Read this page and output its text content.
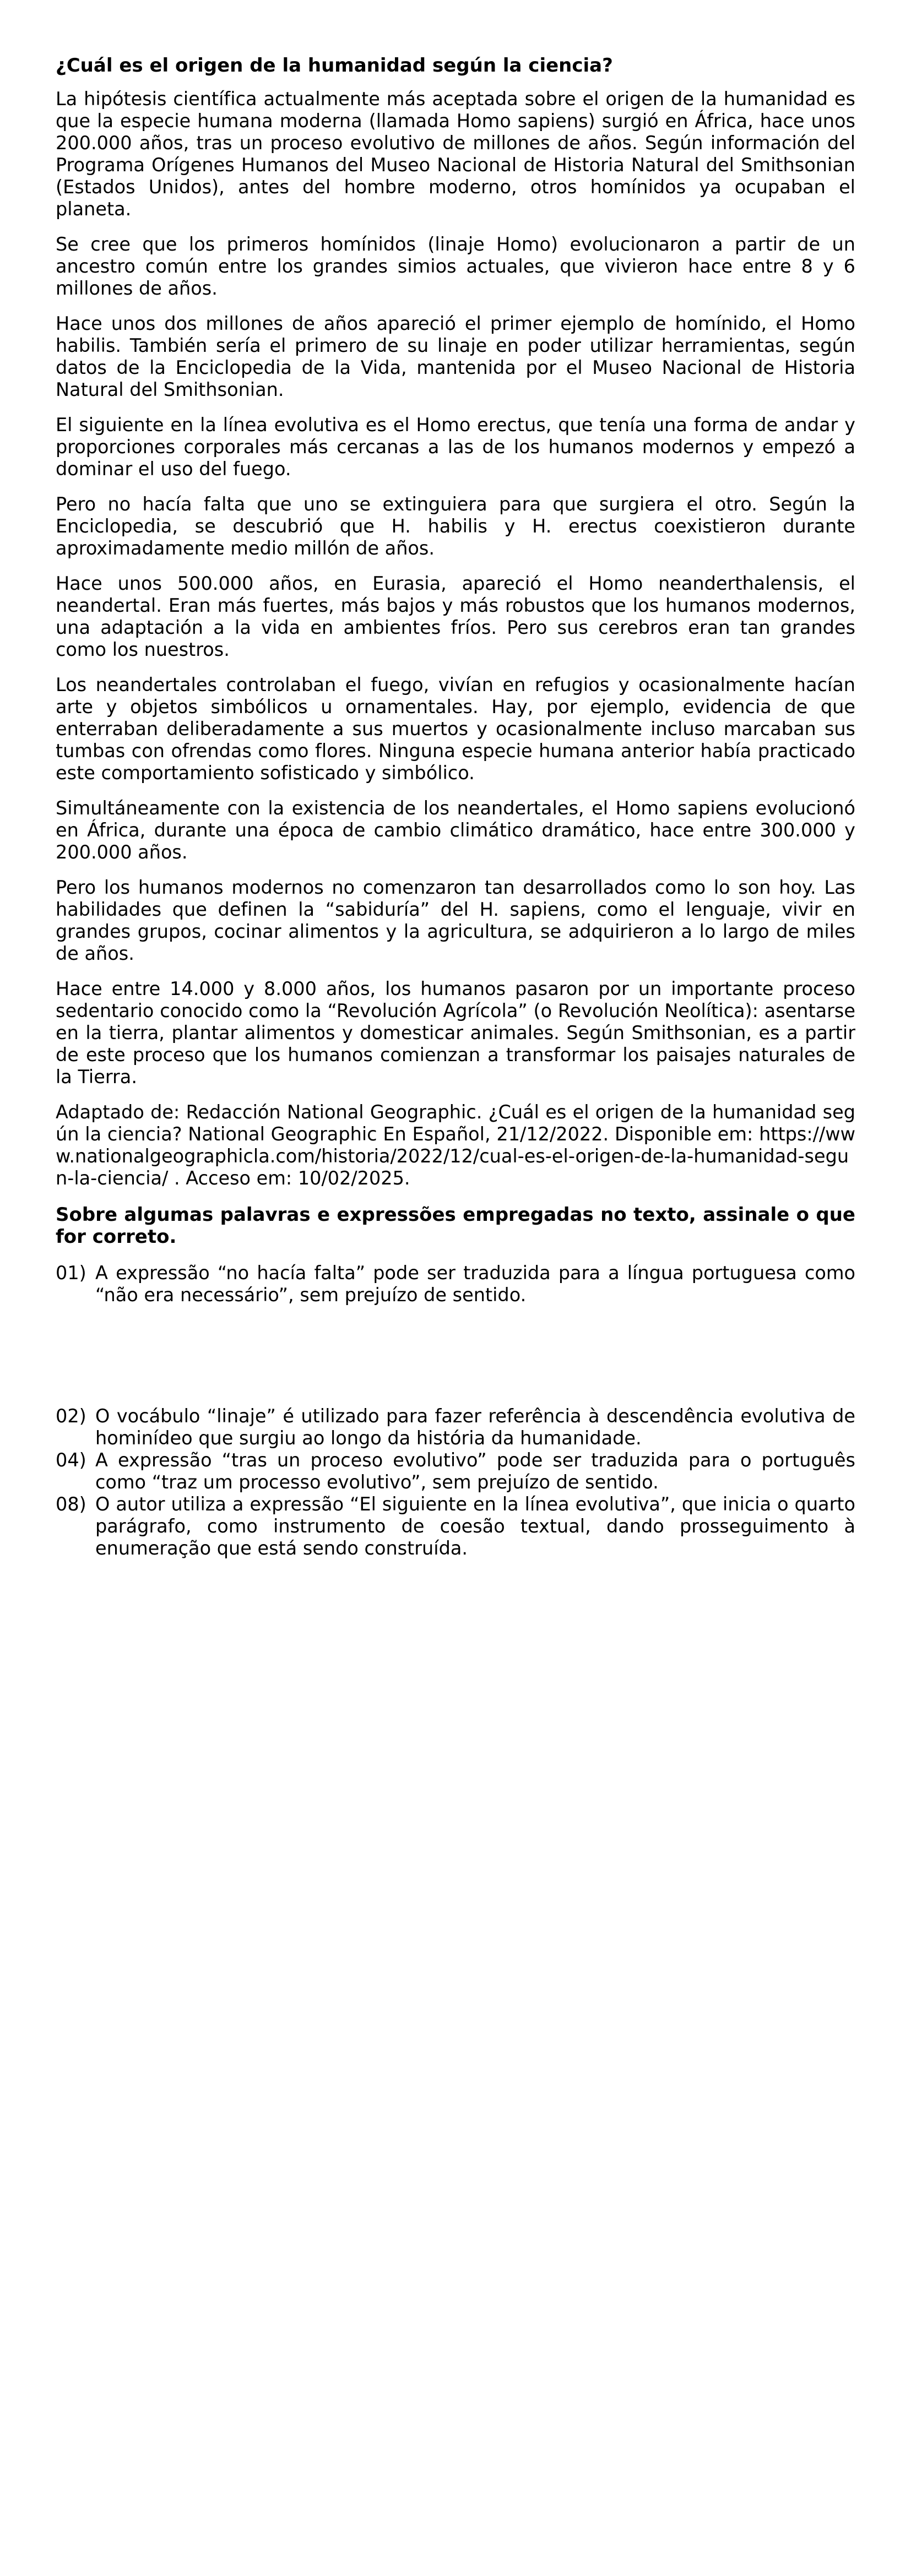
¿Cuál es el origen de la humanidad según la ciencia?

La hipótesis científica actualmente más aceptada sobre el origen de la humanidad es que la especie humana moderna (llamada Homo sapiens) surgió en África, hace unos 200.000 años, tras un proceso evolutivo de millones de años. Según información del Programa Orígenes Humanos del Museo Nacional de Historia Natural del Smithsonian (Estados Unidos), antes del hombre moderno, otros homínidos ya ocupaban el planeta.

Se cree que los primeros homínidos (linaje Homo) evolucionaron a partir de un ancestro común entre los grandes simios actuales, que vivieron hace entre 8 y 6 millones de años.

Hace unos dos millones de años apareció el primer ejemplo de homínido, el Homo habilis. También sería el primero de su linaje en poder utilizar herramientas, según datos de la Enciclopedia de la Vida, mantenida por el Museo Nacional de Historia Natural del Smithsonian.

El siguiente en la línea evolutiva es el Homo erectus, que tenía una forma de andar y proporciones corporales más cercanas a las de los humanos modernos y empezó a dominar el uso del fuego.

Pero no hacía falta que uno se extinguiera para que surgiera el otro. Según la Enciclopedia, se descubrió que H. habilis y H. erectus coexistieron durante aproximadamente medio millón de años.

Hace unos 500.000 años, en Eurasia, apareció el Homo neanderthalensis, el neandertal. Eran más fuertes, más bajos y más robustos que los humanos modernos, una adaptación a la vida en ambientes fríos. Pero sus cerebros eran tan grandes como los nuestros.

Los neandertales controlaban el fuego, vivían en refugios y ocasionalmente hacían arte y objetos simbólicos u ornamentales. Hay, por ejemplo, evidencia de que enterraban deliberadamente a sus muertos y ocasionalmente incluso marcaban sus tumbas con ofrendas como flores. Ninguna especie humana anterior había practicado este comportamiento sofisticado y simbólico.

Simultáneamente con la existencia de los neandertales, el Homo sapiens evolucionó en África, durante una época de cambio climático dramático, hace entre 300.000 y 200.000 años.

Pero los humanos modernos no comenzaron tan desarrollados como lo son hoy. Las habilidades que definen la “sabiduría” del H. sapiens, como el lenguaje, vivir en grandes grupos, cocinar alimentos y la agricultura, se adquirieron a lo largo de miles de años.

Hace entre 14.000 y 8.000 años, los humanos pasaron por un importante proceso sedentario conocido como la “Revolución Agrícola” (o Revolución Neolítica): asentarse en la tierra, plantar alimentos y domesticar animales. Según Smithsonian, es a partir de este proceso que los humanos comienzan a transformar los paisajes naturales de la Tierra.

Adaptado de: Redacción National Geographic. ¿Cuál es el origen de la humanidad según la ciencia? National Geographic En Español, 21/12/2022. Disponible em: https://www.nationalgeographicla.com/historia/2022/12/cual-es-el-origen-de-la-humanidad-segun-la-ciencia/ . Acceso em: 10/02/2025.

Sobre algumas palavras e expressões empregadas no texto, assinale o que for correto.
01) A expressão “no hacía falta” pode ser traduzida para a língua portuguesa como “não era necessário”, sem prejuízo de sentido.
02) O vocábulo “linaje” é utilizado para fazer referência à descendência evolutiva de hominídeo que surgiu ao longo da história da humanidade.
04) A expressão “tras un proceso evolutivo” pode ser traduzida para o português como “traz um processo evolutivo”, sem prejuízo de sentido.
08) O autor utiliza a expressão “El siguiente en la línea evolutiva”, que inicia o quarto parágrafo, como instrumento de coesão textual, dando prosseguimento à enumeração que está sendo construída.
